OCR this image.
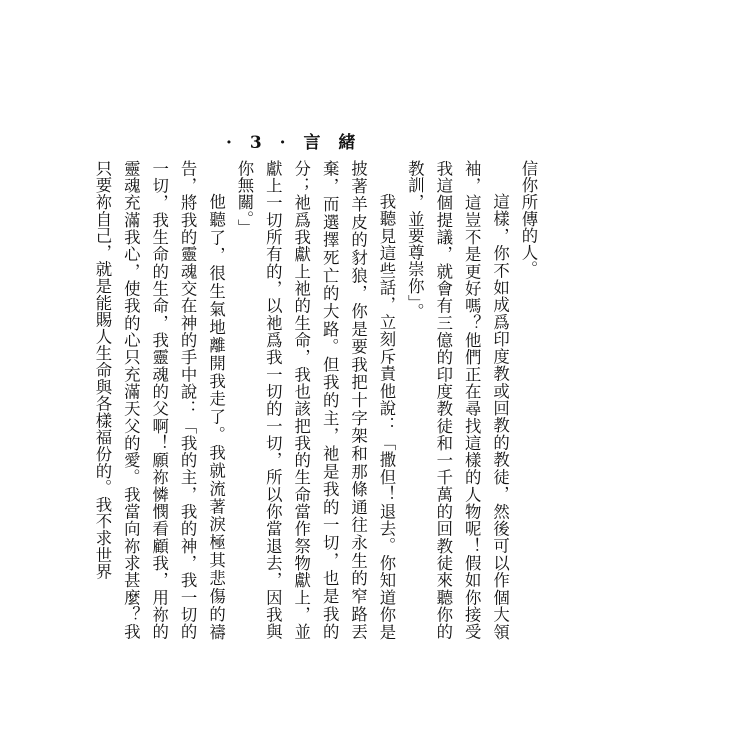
· 3 · 言 緒

信你所傳的人。

這樣，你不如成爲印度教或回教的教徒，然後可以作個大領袖，這豈不是更好嗎？他們正在尋找這樣的人物呢！假如你接受我這個提議，就會有三億的印度教徒和一千萬的回教徒來聽你的教訓，並要尊崇你」。

我聽見這些話，立刻斥責他說：「撒但！退去。你知道你是披著羊皮的豺狼，你是要我把十字架和那條通往永生的窄路丟棄，而選擇死亡的大路。但我的主，祂是我的一切，也是我的分；祂爲我獻上祂的生命，我也該把我的生命當作祭物獻上，並獻上一切所有的，以祂爲我一切的一切，所以你當退去，因我與你無關。」

他聽了，很生氣地離開我走了。我就流著淚極其悲傷的禱告，將我的靈魂交在神的手中說：「我的主，我的神，我一切的一切，我生命的生命，我靈魂的父啊！願祢憐憫看顧我，用祢的靈魂充滿我心，使我的心只充滿天父的愛。我當向祢求甚麼？我只要祢自己，就是能賜人生命與各樣福份的。我不求世界
